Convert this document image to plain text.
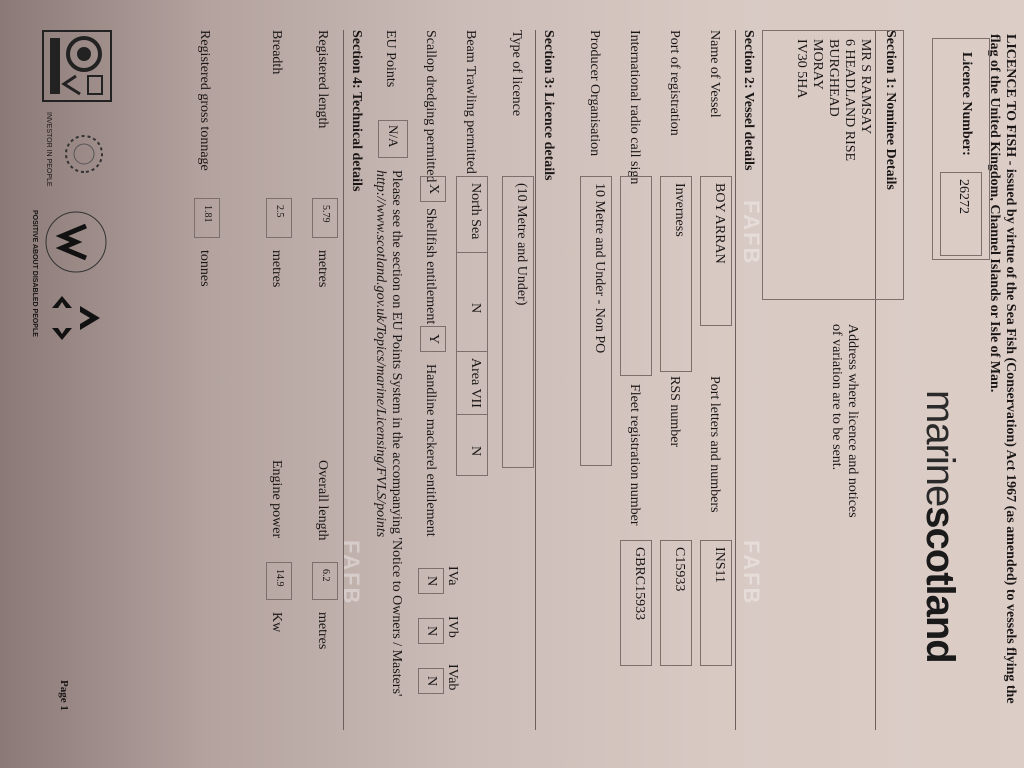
LICENCE TO FISH - issued by virtue of the Sea Fish (Conservation) Act 1967 (as amended) to vessels flying the
flag of the United Kingdom, Channel Islands or Isle of Man.
marinescotland
Licence Number:
26272
Section 1: Nominee Details
MR S RAMSAY
6 HEADLAND RISE
BURGHEAD
MORAY
IV30 5HA
Address where licence and notices
of variation are to be sent.
Section 2: Vessel details
Name of Vessel
BOY ARRAN
Port letters and numbers
INS11
Port of registration
Inverness
RSS number
C15933
International radio call sign
Fleet registration number
GBRC15933
Producer Organisation
10 Metre and Under - Non PO
Section 3: Licence details
Type of licence
(10 Metre and Under)
Beam Trawling permitted
North Sea
N
Area VII
N
Scallop dredging permitted
X
Shellfish entitlement
Y
Handline mackerel entitlement
IVa
IVb
IVab
N
N
N
EU Points
N/A
Please see the section on EU Points System in the accompanying 'Notice to Owners / Masters'
http://www.scotland.gov.uk/Topics/marine/Licensing/FVLS/points
Section 4: Technical details
Registered length
5.79
metres
Overall length
6.2
metres
Breadth
2.5
metres
Engine power
14.9
Kw
Registered gross tonnage
1.81
tonnes
FAFB
FAFB	FAFB
INVESTOR IN PEOPLE
POSITIVE ABOUT DISABLED PEOPLE
Page 1
